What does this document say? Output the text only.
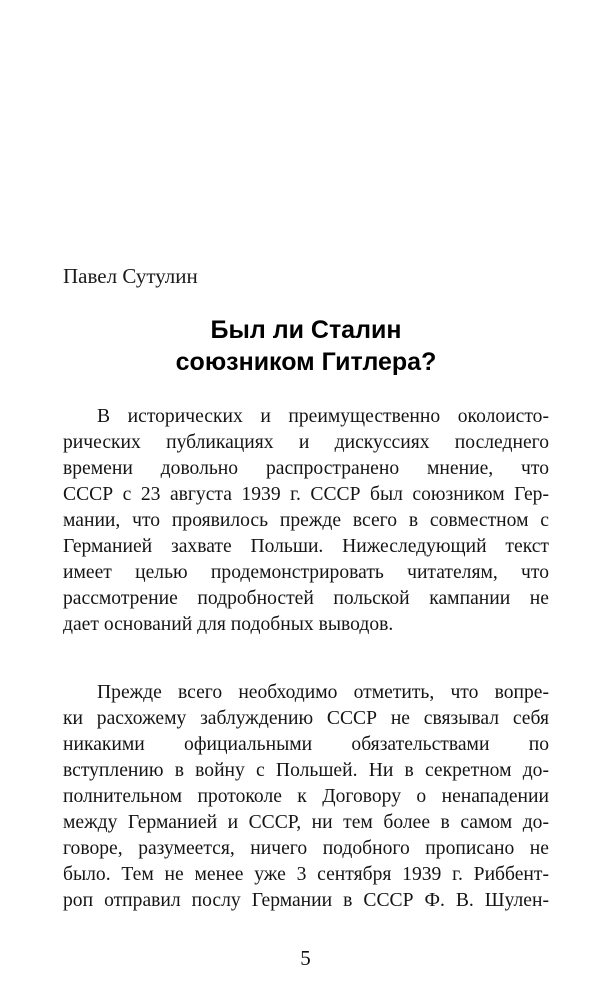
Павел Сутулин
Был ли Сталин
союзником Гитлера?
В исторических и преимущественно околоисто-
рических публикациях и дискуссиях последнего
времени довольно распространено мнение, что
СССР с 23 августа 1939 г. СССР был союзником Гер-
мании, что проявилось прежде всего в совместном с
Германией захвате Польши. Нижеследующий текст
имеет целью продемонстрировать читателям, что
рассмотрение подробностей польской кампании не
дает оснований для подобных выводов.
Прежде всего необходимо отметить, что вопре-
ки расхожему заблуждению СССР не связывал себя
никакими официальными обязательствами по
вступлению в войну с Польшей. Ни в секретном до-
полнительном протоколе к Договору о ненападении
между Германией и СССР, ни тем более в самом до-
говоре, разумеется, ничего подобного прописано не
было. Тем не менее уже 3 сентября 1939 г. Риббент-
роп отправил послу Германии в СССР Ф. В. Шулен-
5
